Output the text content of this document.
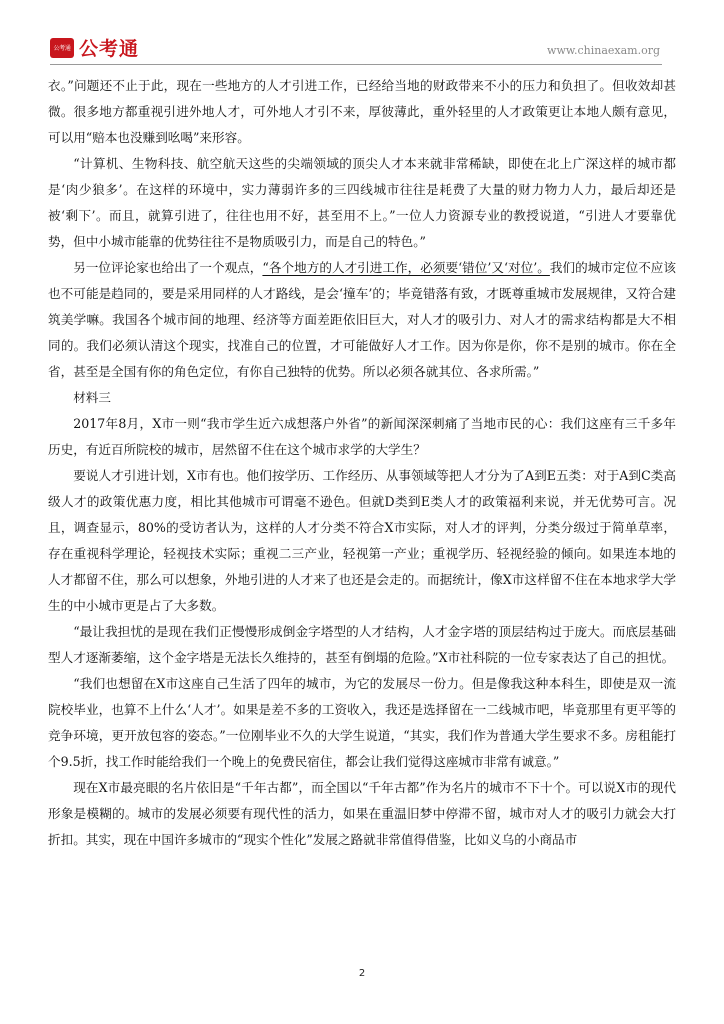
公考通 公考通	www.chinaexam.org

衣。”问题还不止于此，现在一些地方的人才引进工作，已经给当地的财政带来不小的压力和负担了。但收效却甚微。很多地方都重视引进外地人才，可外地人才引不来，厚彼薄此，重外轻里的人才政策更让本地人颇有意见，可以用“赔本也没赚到吆喝”来形容。

“计算机、生物科技、航空航天这些的尖端领域的顶尖人才本来就非常稀缺，即使在北上广深这样的城市都是‘肉少狼多’。在这样的环境中，实力薄弱许多的三四线城市往往是耗费了大量的财力物力人力，最后却还是被‘剩下’。而且，就算引进了，往往也用不好，甚至用不上。”一位人力资源专业的教授说道，“引进人才要靠优势，但中小城市能靠的优势往往不是物质吸引力，而是自己的特色。”

另一位评论家也给出了一个观点，“各个地方的人才引进工作，必须要‘错位’又‘对位’。我们的城市定位不应该也不可能是趋同的，要是采用同样的人才路线，是会‘撞车’的；毕竟错落有致，才既尊重城市发展规律，又符合建筑美学嘛。我国各个城市间的地理、经济等方面差距依旧巨大，对人才的吸引力、对人才的需求结构都是大不相同的。我们必须认清这个现实，找准自己的位置，才可能做好人才工作。因为你是你，你不是别的城市。你在全省，甚至是全国有你的角色定位，有你自己独特的优势。所以必须各就其位、各求所需。”

材料三

2017年8月，X市一则“我市学生近六成想落户外省”的新闻深深刺痛了当地市民的心：我们这座有三千多年历史，有近百所院校的城市，居然留不住在这个城市求学的大学生？

要说人才引进计划，X市有也。他们按学历、工作经历、从事领域等把人才分为了A到E五类：对于A到C类高级人才的政策优惠力度，相比其他城市可谓毫不逊色。但就D类到E类人才的政策福利来说，并无优势可言。况且，调查显示，80%的受访者认为，这样的人才分类不符合X市实际，对人才的评判，分类分级过于简单草率，存在重视科学理论，轻视技术实际；重视二三产业，轻视第一产业；重视学历、轻视经验的倾向。如果连本地的人才都留不住，那么可以想象，外地引进的人才来了也还是会走的。而据统计，像X市这样留不住在本地求学大学生的中小城市更是占了大多数。

“最让我担忧的是现在我们正慢慢形成倒金字塔型的人才结构，人才金字塔的顶层结构过于庞大。而底层基础型人才逐渐萎缩，这个金字塔是无法长久维持的，甚至有倒塌的危险。”X市社科院的一位专家表达了自己的担忧。

“我们也想留在X市这座自己生活了四年的城市，为它的发展尽一份力。但是像我这种本科生，即使是双一流院校毕业，也算不上什么‘人才’。如果是差不多的工资收入，我还是选择留在一二线城市吧，毕竟那里有更平等的竞争环境，更开放包容的姿态。”一位刚毕业不久的大学生说道，“其实，我们作为普通大学生要求不多。房租能打个9.5折，找工作时能给我们一个晚上的免费民宿住，都会让我们觉得这座城市非常有诚意。”

现在X市最亮眼的名片依旧是“千年古都”，而全国以“千年古都”作为名片的城市不下十个。可以说X市的现代形象是模糊的。城市的发展必须要有现代性的活力，如果在重温旧梦中停滞不留，城市对人才的吸引力就会大打折扣。其实，现在中国许多城市的“现实个性化”发展之路就非常值得借鉴，比如义乌的小商品市

2
